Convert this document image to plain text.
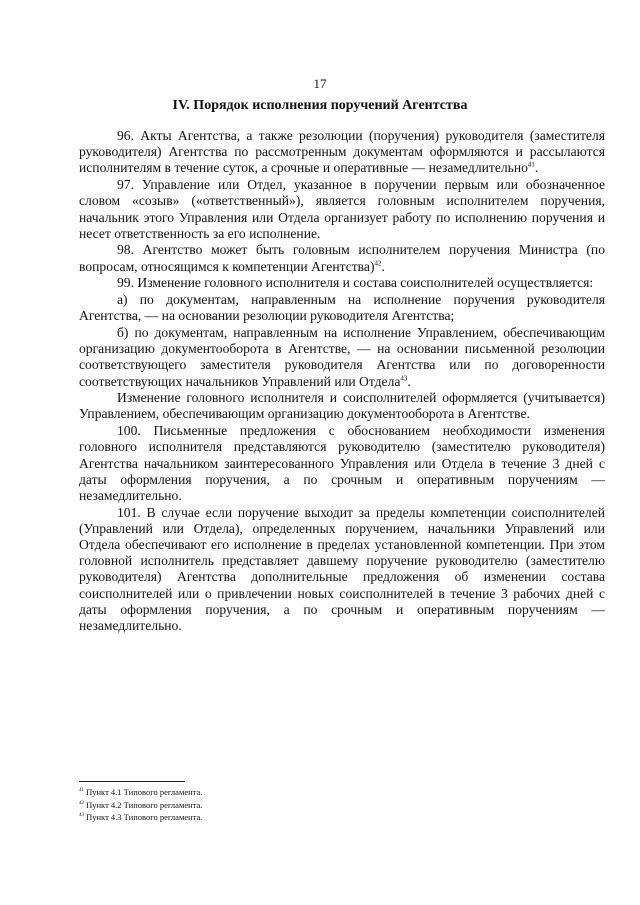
17
IV. Порядок исполнения поручений Агентства

96. Акты Агентства, а также резолюции (поручения) руководителя (заместителя руководителя) Агентства по рассмотренным документам оформляются и рассылаются исполнителям в течение суток, а срочные и оперативные — незамедлительно$^{41}$.

97. Управление или Отдел, указанное в поручении первым или обозначенное словом «созыв» («ответственный»), является головным исполнителем поручения, начальник этого Управления или Отдела организует работу по исполнению поручения и несет ответственность за его исполнение.

98. Агентство может быть головным исполнителем поручения Министра (по вопросам, относящимся к компетенции Агентства)$^{42}$.

99. Изменение головного исполнителя и состава соисполнителей осуществляется:

а) по документам, направленным на исполнение поручения руководителя Агентства, — на основании резолюции руководителя Агентства;

б) по документам, направленным на исполнение Управлением, обеспечивающим организацию документооборота в Агентстве, — на основании письменной резолюции соответствующего заместителя руководителя Агентства или по договоренности соответствующих начальников Управлений или Отдела$^{43}$.

Изменение головного исполнителя и соисполнителей оформляется (учитывается) Управлением, обеспечивающим организацию документооборота в Агентстве.

100. Письменные предложения с обоснованием необходимости изменения головного исполнителя представляются руководителю (заместителю руководителя) Агентства начальником заинтересованного Управления или Отдела в течение 3 дней с даты оформления поручения, а по срочным и оперативным поручениям — незамедлительно.

101. В случае если поручение выходит за пределы компетенции соисполнителей (Управлений или Отдела), определенных поручением, начальники Управлений или Отдела обеспечивают его исполнение в пределах установленной компетенции. При этом головной исполнитель представляет давшему поручение руководителю (заместителю руководителя) Агентства дополнительные предложения об изменении состава соисполнителей или о привлечении новых соисполнителей в течение 3 рабочих дней с даты оформления поручения, а по срочным и оперативным поручениям — незамедлительно.

$^{41}$ Пункт 4.1 Типового регламента.
$^{42}$ Пункт 4.2 Типового регламента.
$^{43}$ Пункт 4.3 Типового регламента.
